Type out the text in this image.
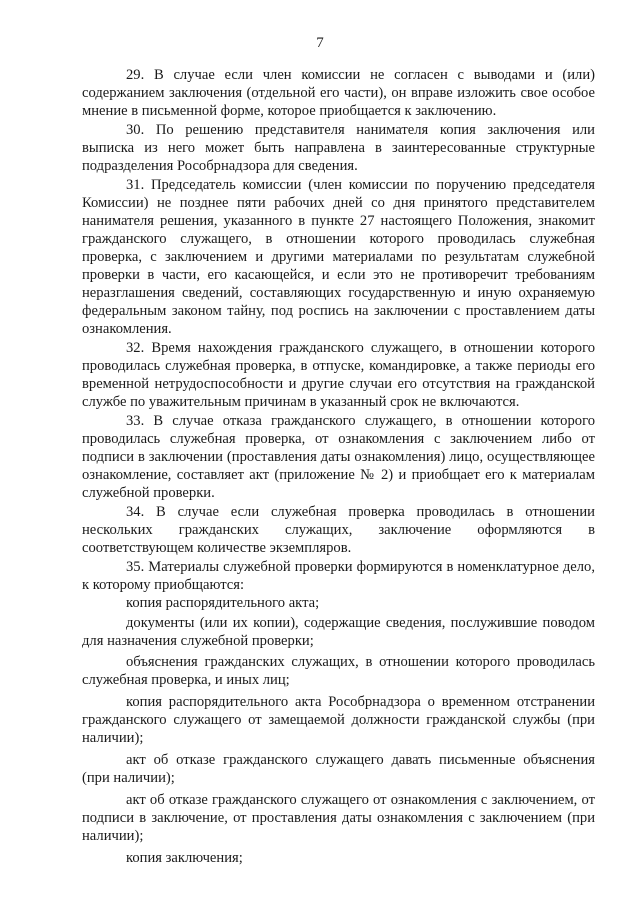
7

29. В случае если член комиссии не согласен с выводами и (или) содержанием заключения (отдельной его части), он вправе изложить свое особое мнение в письменной форме, которое приобщается к заключению.

30. По решению представителя нанимателя копия заключения или выписка из него может быть направлена в заинтересованные структурные подразделения Рособрнадзора для сведения.

31. Председатель комиссии (член комиссии по поручению председателя Комиссии) не позднее пяти рабочих дней со дня принятого представителем нанимателя решения, указанного в пункте 27 настоящего Положения, знакомит гражданского служащего, в отношении которого проводилась служебная проверка, с заключением и другими материалами по результатам служебной проверки в части, его касающейся, и если это не противоречит требованиям неразглашения сведений, составляющих государственную и иную охраняемую федеральным законом тайну, под роспись на заключении с проставлением даты ознакомления.

32. Время нахождения гражданского служащего, в отношении которого проводилась служебная проверка, в отпуске, командировке, а также периоды его временной нетрудоспособности и другие случаи его отсутствия на гражданской службе по уважительным причинам в указанный срок не включаются.

33. В случае отказа гражданского служащего, в отношении которого проводилась служебная проверка, от ознакомления с заключением либо от подписи в заключении (проставления даты ознакомления) лицо, осуществляющее ознакомление, составляет акт (приложение № 2) и приобщает его к материалам служебной проверки.

34. В случае если служебная проверка проводилась в отношении нескольких гражданских служащих, заключение оформляются в соответствующем количестве экземпляров.

35. Материалы служебной проверки формируются в номенклатурное дело, к которому приобщаются:

копия распорядительного акта;

документы (или их копии), содержащие сведения, послужившие поводом для назначения служебной проверки;

объяснения гражданских служащих, в отношении которого проводилась служебная проверка, и иных лиц;

копия распорядительного акта Рособрнадзора о временном отстранении гражданского служащего от замещаемой должности гражданской службы (при наличии);

акт об отказе гражданского служащего давать письменные объяснения (при наличии);

акт об отказе гражданского служащего от ознакомления с заключением, от подписи в заключение, от проставления даты ознакомления с заключением (при наличии);

копия заключения;
